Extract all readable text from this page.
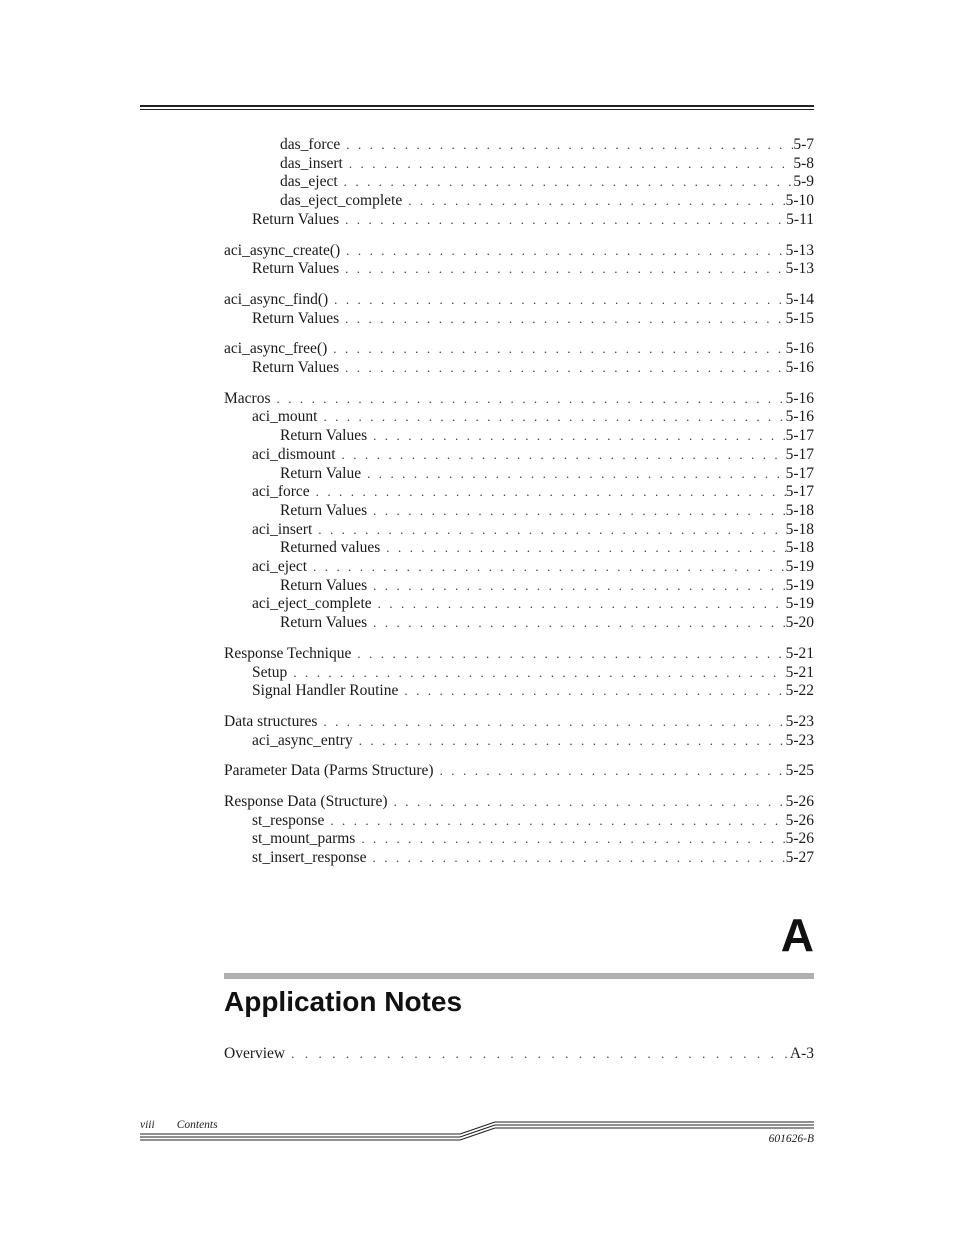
das_force . . .	5-7
das_insert . . .	5-8
das_eject . . .	5-9
das_eject_complete . . .	5-10
Return Values . . .	5-11
aci_async_create() . . .	5-13
Return Values . . .	5-13
aci_async_find() . . .	5-14
Return Values . . .	5-15
aci_async_free() . . .	5-16
Return Values . . .	5-16
Macros . . .	5-16
aci_mount . . .	5-16
Return Values . . .	5-17
aci_dismount . . .	5-17
Return Value . . .	5-17
aci_force . . .	5-17
Return Values . . .	5-18
aci_insert . . .	5-18
Returned values . . .	5-18
aci_eject . . .	5-19
Return Values . . .	5-19
aci_eject_complete . . .	5-19
Return Values . . .	5-20
Response Technique . . .	5-21
Setup . . .	5-21
Signal Handler Routine . . .	5-22
Data structures . . .	5-23
aci_async_entry . . .	5-23
Parameter Data (Parms Structure) . . .	5-25
Response Data (Structure) . . .	5-26
st_response . . .	5-26
st_mount_parms . . .	5-26
st_insert_response . . .	5-27
A
Application Notes
Overview . . .	A-3
viii Contents
601626-B
